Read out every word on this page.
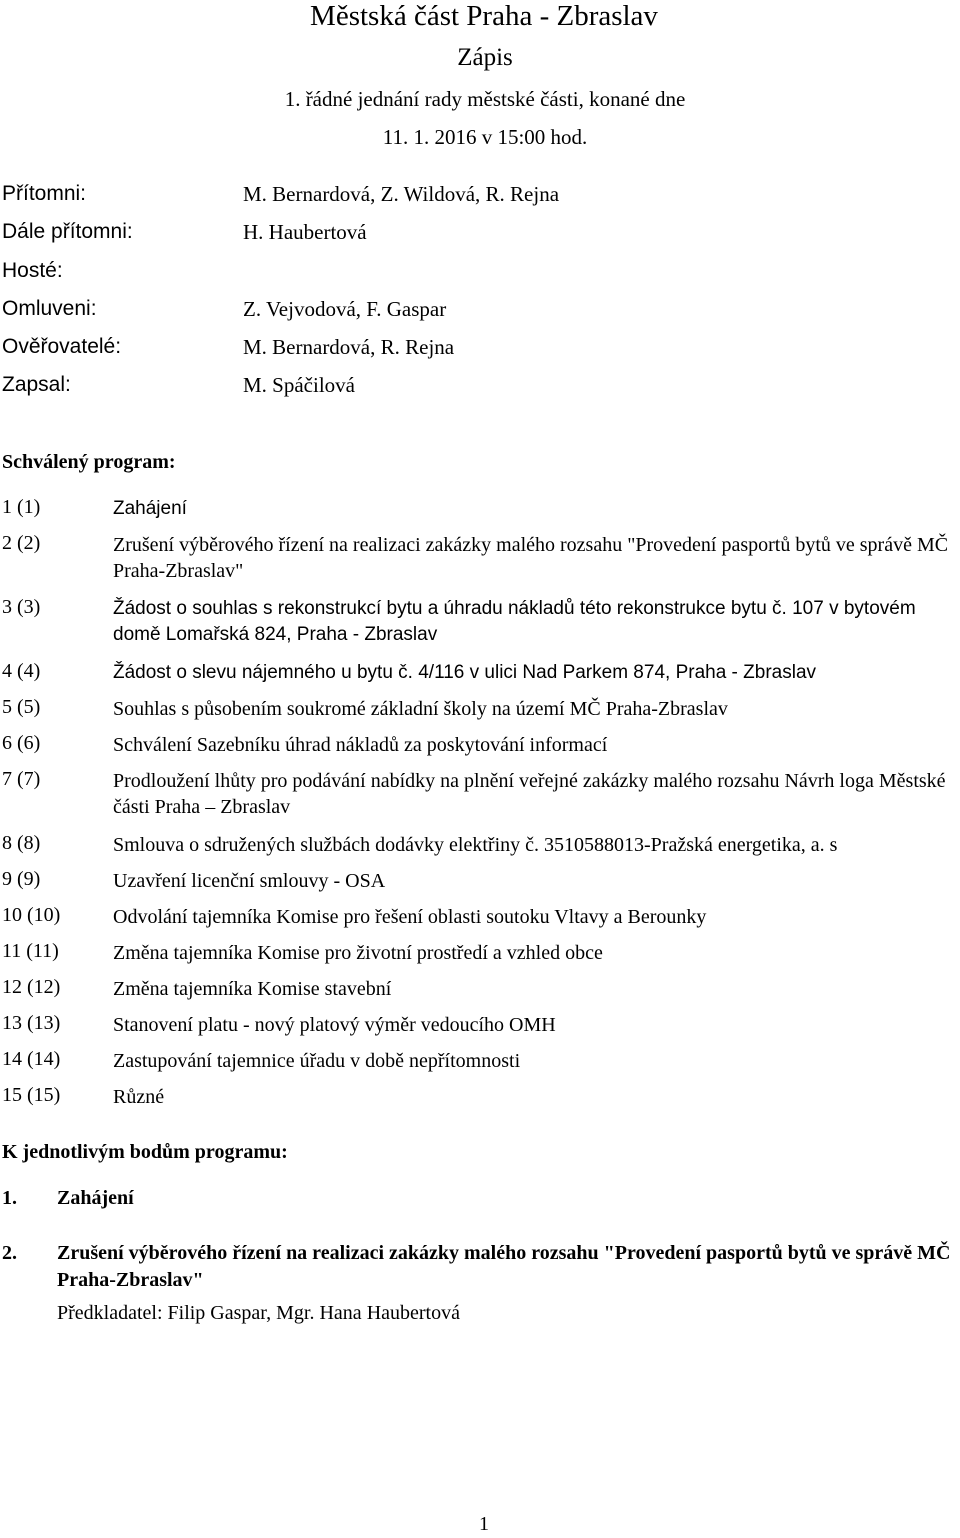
Městská část Praha - Zbraslav
Zápis
1. řádné jednání rady městské části, konané dne
11. 1. 2016 v 15:00 hod.
Přítomni:	M. Bernardová, Z. Wildová, R. Rejna
Dále přítomni:	H. Haubertová
Hosté:
Omluveni:	Z. Vejvodová, F. Gaspar
Ověřovatelé:	M. Bernardová, R. Rejna
Zapsal:	M. Spáčilová
Schválený program:
1 (1)	Zahájení
2 (2)	Zrušení výběrového řízení na realizaci zakázky malého rozsahu "Provedení pasportů bytů ve správě MČ Praha-Zbraslav"
3 (3)	Žádost o souhlas s rekonstrukcí bytu a úhradu nákladů této rekonstrukce bytu č. 107 v bytovém domě Lomařská 824, Praha - Zbraslav
4 (4)	Žádost o slevu nájemného u bytu č. 4/116 v ulici Nad Parkem 874, Praha - Zbraslav
5 (5)	Souhlas s působením soukromé základní školy na území MČ Praha-Zbraslav
6 (6)	Schválení Sazebníku úhrad nákladů za poskytování informací
7 (7)	Prodloužení lhůty pro podávání nabídky na plnění veřejné zakázky malého rozsahu Návrh loga Městské části Praha – Zbraslav
8 (8)	Smlouva o sdružených službách dodávky elektřiny č. 3510588013-Pražská energetika, a. s
9 (9)	Uzavření licenční smlouvy - OSA
10 (10)	Odvolání tajemníka Komise pro řešení oblasti soutoku Vltavy a Berounky
11 (11)	Změna tajemníka Komise pro životní prostředí a vzhled obce
12 (12)	Změna tajemníka Komise stavební
13 (13)	Stanovení platu - nový platový výměr vedoucího OMH
14 (14)	Zastupování tajemnice úřadu v době nepřítomnosti
15 (15)	Různé
K jednotlivým bodům programu:
1. Zahájení
2. Zrušení výběrového řízení na realizaci zakázky malého rozsahu "Provedení pasportů bytů ve správě MČ Praha-Zbraslav"
Předkladatel: Filip Gaspar, Mgr. Hana Haubertová
1
